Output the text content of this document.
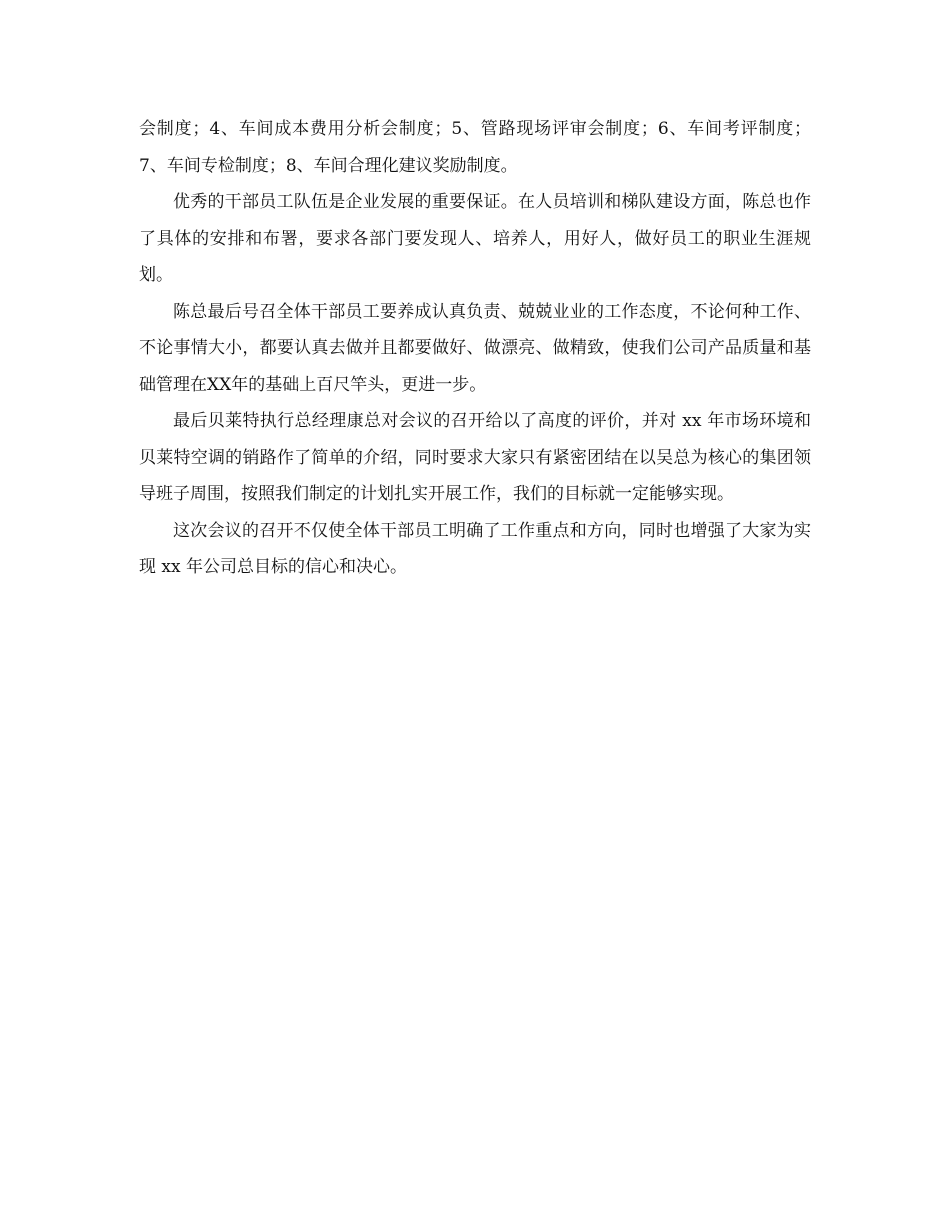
会制度；4、车间成本费用分析会制度；5、管路现场评审会制度；6、车间考评制度；7、车间专检制度；8、车间合理化建议奖励制度。

优秀的干部员工队伍是企业发展的重要保证。在人员培训和梯队建设方面，陈总也作了具体的安排和布署，要求各部门要发现人、培养人，用好人，做好员工的职业生涯规划。

陈总最后号召全体干部员工要养成认真负责、兢兢业业的工作态度，不论何种工作、不论事情大小，都要认真去做并且都要做好、做漂亮、做精致，使我们公司产品质量和基础管理在XX年的基础上百尺竿头，更进一步。

最后贝莱特执行总经理康总对会议的召开给以了高度的评价，并对 xx 年市场环境和贝莱特空调的销路作了简单的介绍，同时要求大家只有紧密团结在以吴总为核心的集团领导班子周围，按照我们制定的计划扎实开展工作，我们的目标就一定能够实现。

这次会议的召开不仅使全体干部员工明确了工作重点和方向，同时也增强了大家为实现 xx 年公司总目标的信心和决心。
